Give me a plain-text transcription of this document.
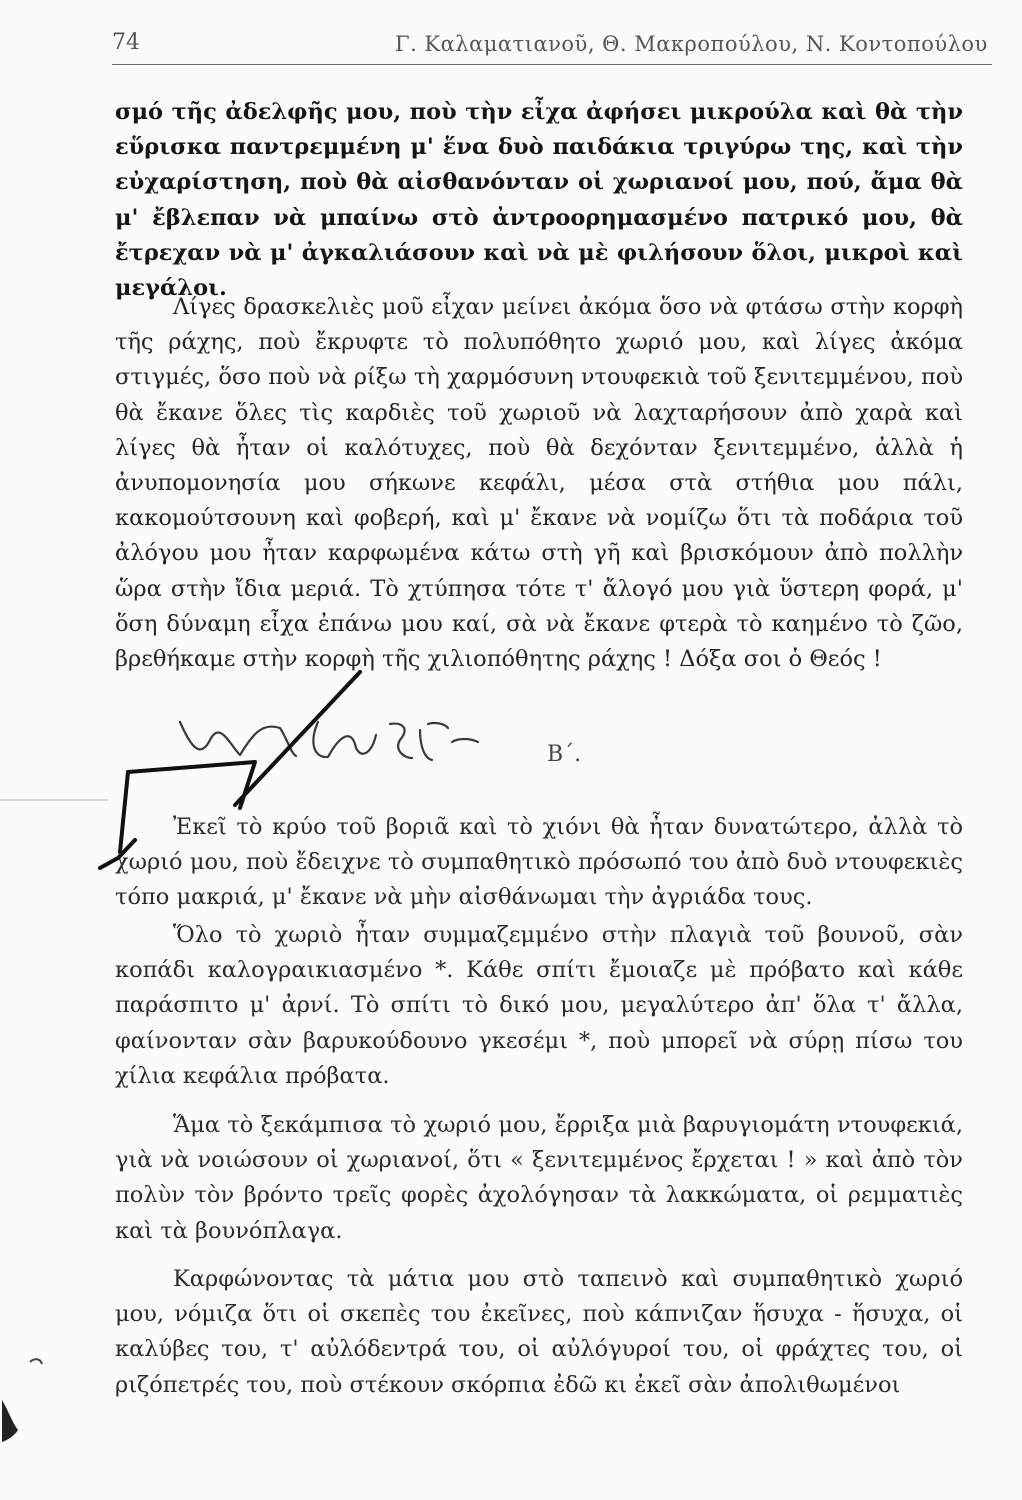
74	Γ. Καλαματιανοῦ, Θ. Μακροπούλου, Ν. Κοντοπούλου

σμό τῆς ἀδελφῆς μου, ποὺ τὴν εἶχα ἀφήσει μικρούλα καὶ θὰ τὴν εὕρισκα παντρεμμένη μ' ἕνα δυὸ παιδάκια τριγύρω της, καὶ τὴν εὐχαρίστηση, ποὺ θὰ αἰσθανόνταν οἱ χωριανοί μου, πού, ἅμα θὰ μ' ἔβλεπαν νὰ μπαίνω στὸ ἀντροορημασμένο πατρικό μου, θὰ ἔτρεχαν νὰ μ' ἀγκαλιάσουν καὶ νὰ μὲ φιλήσουν ὅλοι, μικροὶ καὶ μεγάλοι.

Λίγες δρασκελιὲς μοῦ εἶχαν μείνει ἀκόμα ὅσο νὰ φτάσω στὴν κορφὴ τῆς ράχης, ποὺ ἔκρυφτε τὸ πολυπόθητο χωριό μου, καὶ λίγες ἀκόμα στιγμές, ὅσο ποὺ νὰ ρίξω τὴ χαρμόσυνη ντουφεκιὰ τοῦ ξενιτεμμένου, ποὺ θὰ ἔκανε ὅλες τὶς καρδιὲς τοῦ χωριοῦ νὰ λαχταρήσουν ἀπὸ χαρὰ καὶ λίγες θὰ ἦταν οἱ καλότυχες, ποὺ θὰ δεχόνταν ξενιτεμμένο, ἀλλὰ ἡ ἀνυπομονησία μου σήκωνε κεφάλι, μέσα στὰ στήθια μου πάλι, κακομούτσουνη καὶ φοβερή, καὶ μ' ἔκανε νὰ νομίζω ὅτι τὰ ποδάρια τοῦ ἀλόγου μου ἦταν καρφωμένα κάτω στὴ γῆ καὶ βρισκόμουν ἀπὸ πολλὴν ὥρα στὴν ἴδια μεριά. Τὸ χτύπησα τότε τ' ἄλογό μου γιὰ ὕστερη φορά, μ' ὅση δύναμη εἶχα ἐπάνω μου καί, σὰ νὰ ἔκανε φτερὰ τὸ καημένο τὸ ζῶο, βρεθήκαμε στὴν κορφὴ τῆς χιλιοπόθητης ράχης ! Δόξα σοι ὁ Θεός !

Β΄.

Ἐκεῖ τὸ κρύο τοῦ βοριᾶ καὶ τὸ χιόνι θὰ ἦταν δυνατώτερο, ἀλλὰ τὸ χωριό μου, ποὺ ἔδειχνε τὸ συμπαθητικὸ πρόσωπό του ἀπὸ δυὸ ντουφεκιὲς τόπο μακριά, μ' ἔκανε νὰ μὴν αἰσθάνωμαι τὴν ἀγριάδα τους.

Ὅλο τὸ χωριὸ ἦταν συμμαζεμμένο στὴν πλαγιὰ τοῦ βουνοῦ, σὰν κοπάδι καλογραικιασμένο *. Κάθε σπίτι ἔμοιαζε μὲ πρόβατο καὶ κάθε παράσπιτο μ' ἀρνί. Τὸ σπίτι τὸ δικό μου, μεγαλύτερο ἀπ' ὅλα τ' ἄλλα, φαίνονταν σὰν βαρυκούδουνο γκεσέμι *, ποὺ μπορεῖ νὰ σύρῃ πίσω του χίλια κεφάλια πρόβατα.

Ἅμα τὸ ξεκάμπισα τὸ χωριό μου, ἔρριξα μιὰ βαρυγιομάτη ντουφεκιά, γιὰ νὰ νοιώσουν οἱ χωριανοί, ὅτι « ξενιτεμμένος ἔρχεται ! » καὶ ἀπὸ τὸν πολὺν τὸν βρόντο τρεῖς φορὲς ἀχολόγησαν τὰ λακκώματα, οἱ ρεμματιὲς καὶ τὰ βουνόπλαγα.

Καρφώνοντας τὰ μάτια μου στὸ ταπεινὸ καὶ συμπαθητικὸ χωριό μου, νόμιζα ὅτι οἱ σκεπὲς του ἐκεῖνες, ποὺ κάπνιζαν ἥσυχα - ἥσυχα, οἱ καλύβες του, τ' αὐλόδεντρά του, οἱ αὐλόγυροί του, οἱ φράχτες του, οἱ ριζόπετρές του, ποὺ στέκουν σκόρπια ἐδῶ κι ἐκεῖ σὰν ἀπολιθωμένοι
